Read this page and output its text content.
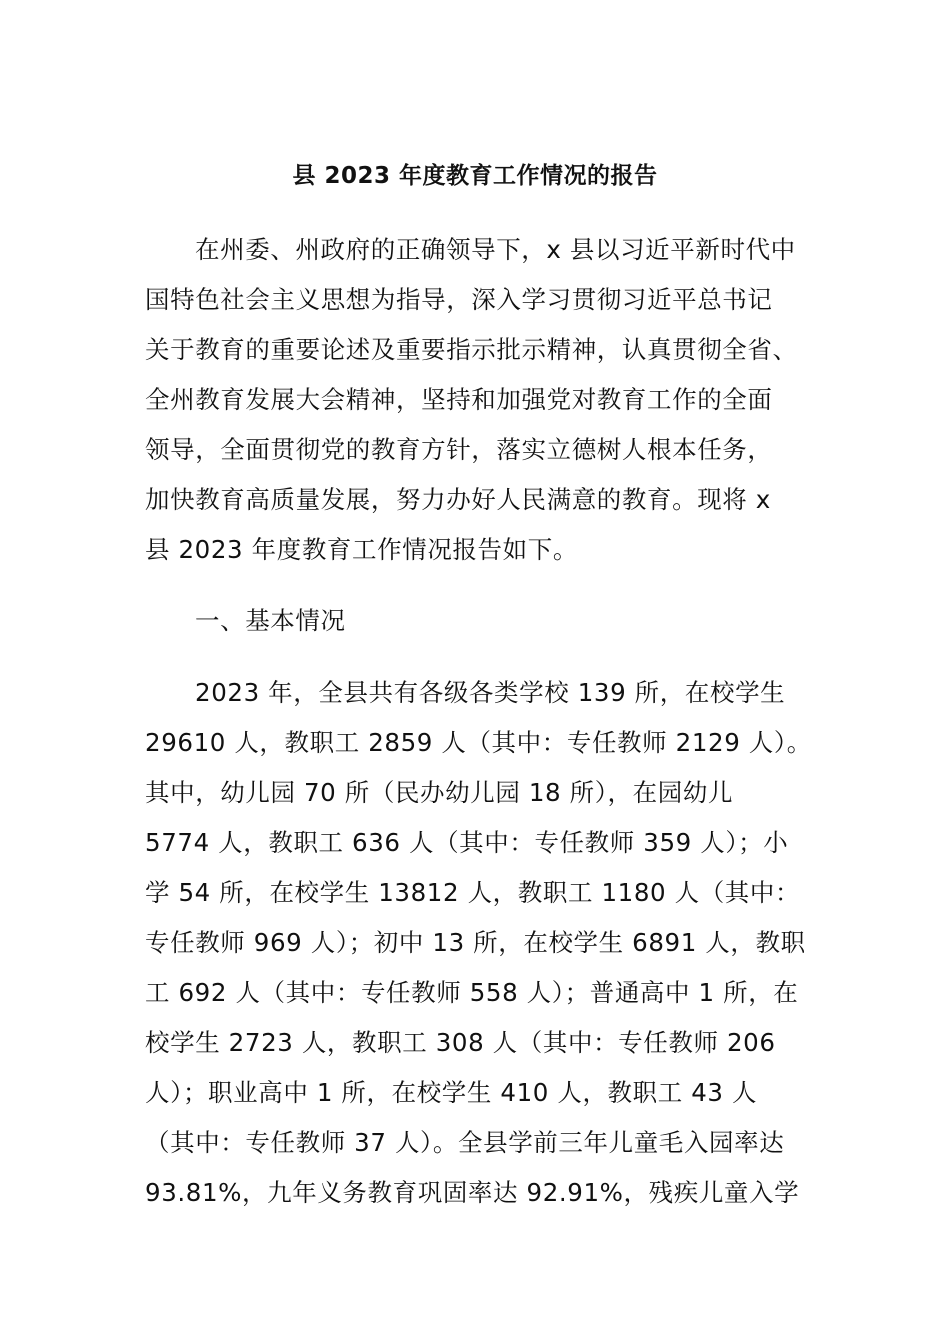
县 2023 年度教育工作情况的报告
在州委、州政府的正确领导下，x 县以习近平新时代中
国特色社会主义思想为指导，深入学习贯彻习近平总书记
关于教育的重要论述及重要指示批示精神，认真贯彻全省、
全州教育发展大会精神，坚持和加强党对教育工作的全面
领导，全面贯彻党的教育方针，落实立德树人根本任务，
加快教育高质量发展，努力办好人民满意的教育。现将 x
县 2023 年度教育工作情况报告如下。
一、基本情况
2023 年，全县共有各级各类学校 139 所，在校学生
29610 人，教职工 2859 人（其中：专任教师 2129 人）。
其中，幼儿园 70 所（民办幼儿园 18 所），在园幼儿
5774 人，教职工 636 人（其中：专任教师 359 人）；小
学 54 所，在校学生 13812 人，教职工 1180 人（其中：
专任教师 969 人）；初中 13 所，在校学生 6891 人，教职
工 692 人（其中：专任教师 558 人）；普通高中 1 所，在
校学生 2723 人，教职工 308 人（其中：专任教师 206
人）；职业高中 1 所，在校学生 410 人，教职工 43 人
（其中：专任教师 37 人）。全县学前三年儿童毛入园率达
93.81%，九年义务教育巩固率达 92.91%，残疾儿童入学
